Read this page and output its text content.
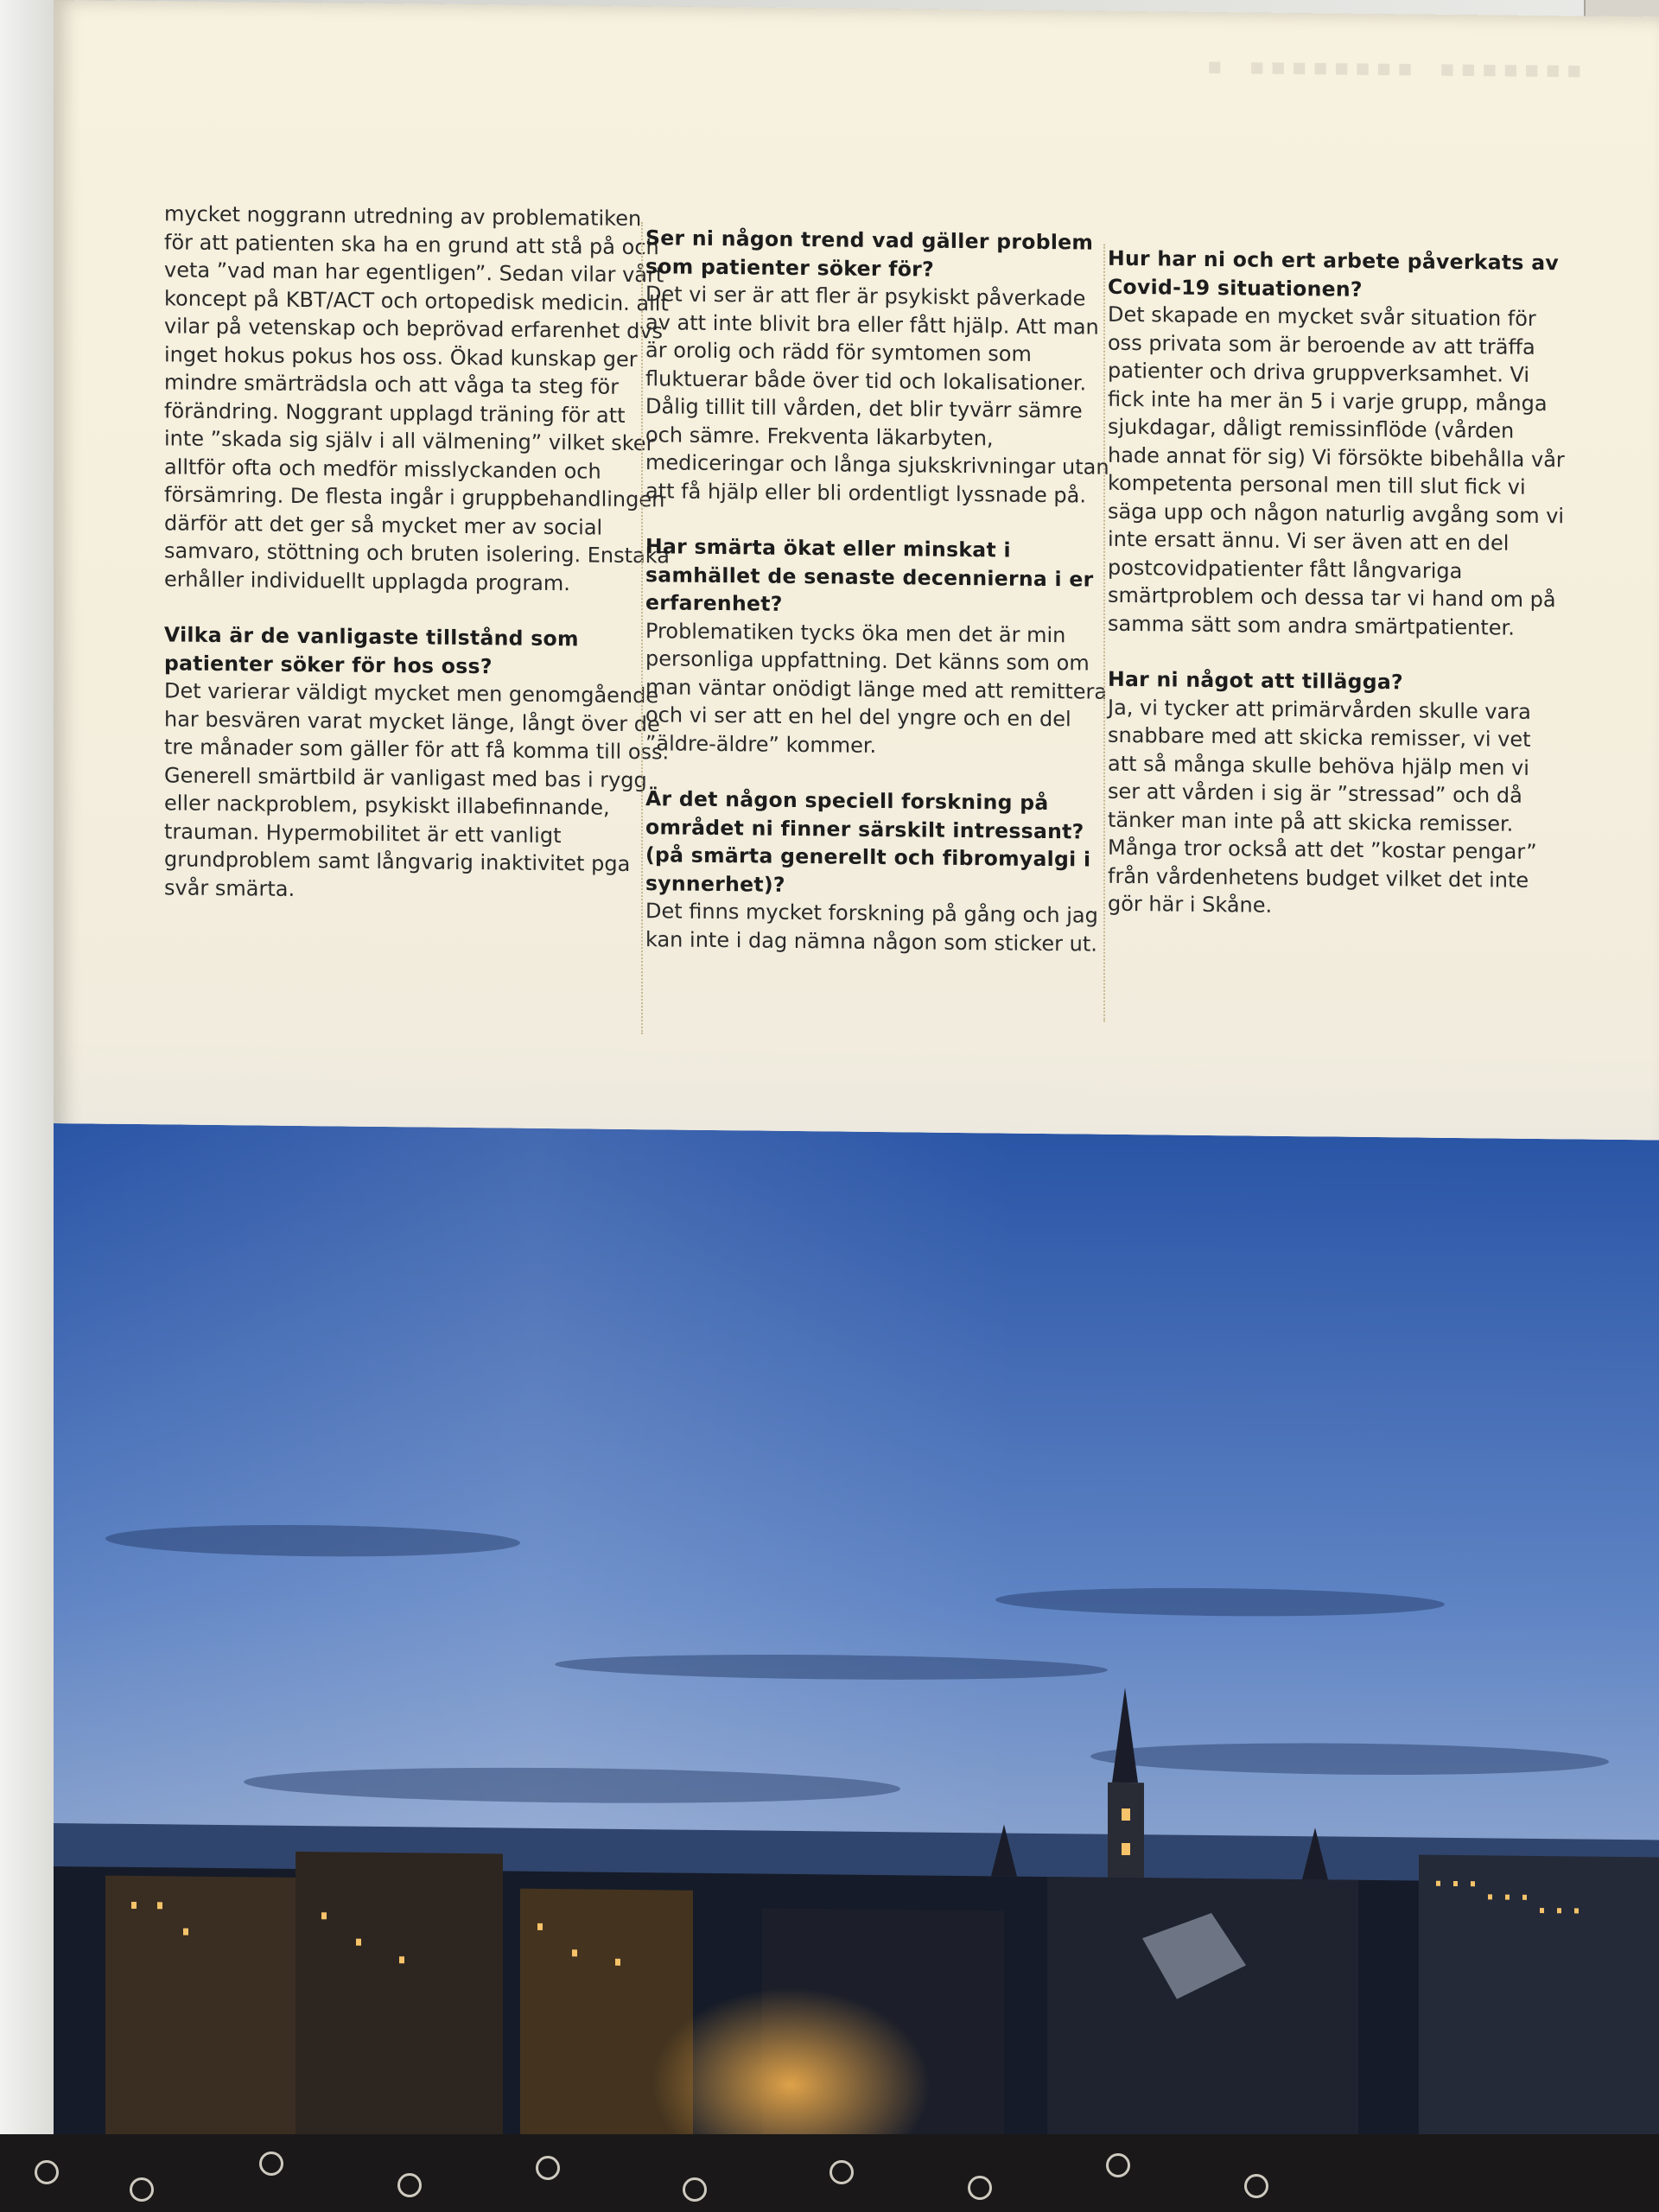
▪▪▪▪▪▪▪ ▪▪▪▪▪▪▪▪ ▪

mycket noggrann utredning av problematiken för att patienten ska ha en grund att stå på och veta ”vad man har egentligen”. Sedan vilar vårt koncept på KBT/ACT och ortopedisk medicin. allt vilar på vetenskap och beprövad erfarenhet dvs inget hokus pokus hos oss. Ökad kunskap ger mindre smärträdsla och att våga ta steg för förändring. Noggrant upplagd träning för att inte ”skada sig själv i all välmening” vilket sker alltför ofta och medför misslyckanden och försämring. De flesta ingår i gruppbehandlingen därför att det ger så mycket mer av social samvaro, stöttning och bruten isolering. Enstaka erhåller individuellt upplagda program.

Vilka är de vanligaste tillstånd som patienter söker för hos oss?

Det varierar väldigt mycket men genomgående har besvären varat mycket länge, långt över de tre månader som gäller för att få komma till oss. Generell smärtbild är vanligast med bas i rygg eller nackproblem, psykiskt illabefinnande, trauman. Hypermobilitet är ett vanligt grundproblem samt långvarig inaktivitet pga svår smärta.

Ser ni någon trend vad gäller problem som patienter söker för?

Det vi ser är att fler är psykiskt påverkade av att inte blivit bra eller fått hjälp. Att man är orolig och rädd för symtomen som fluktuerar både över tid och lokalisationer. Dålig tillit till vården, det blir tyvärr sämre och sämre. Frekventa läkarbyten, mediceringar och långa sjukskrivningar utan att få hjälp eller bli ordentligt lyssnade på.

Har smärta ökat eller minskat i samhället de senaste decennierna i er erfarenhet?

Problematiken tycks öka men det är min personliga uppfattning. Det känns som om man väntar onödigt länge med att remittera och vi ser att en hel del yngre och en del ”äldre-äldre” kommer.

Är det någon speciell forskning på området ni finner särskilt intressant? (på smärta generellt och fibromyalgi i synnerhet)?

Det finns mycket forskning på gång och jag kan inte i dag nämna någon som sticker ut.

Hur har ni och ert arbete påverkats av Covid-19 situationen?

Det skapade en mycket svår situation för oss privata som är beroende av att träffa patienter och driva gruppverksamhet. Vi fick inte ha mer än 5 i varje grupp, många sjukdagar, dåligt remissinflöde (vården hade annat för sig) Vi försökte bibehålla vår kompetenta personal men till slut fick vi säga upp och någon naturlig avgång som vi inte ersatt ännu. Vi ser även att en del postcovidpatienter fått långvariga smärtproblem och dessa tar vi hand om på samma sätt som andra smärtpatienter.

Har ni något att tillägga?

Ja, vi tycker att primärvården skulle vara snabbare med att skicka remisser, vi vet att så många skulle behöva hjälp men vi ser att vården i sig är ”stressad” och då tänker man inte på att skicka remisser. Många tror också att det ”kostar pengar” från vårdenhetens budget vilket det inte gör här i Skåne.
